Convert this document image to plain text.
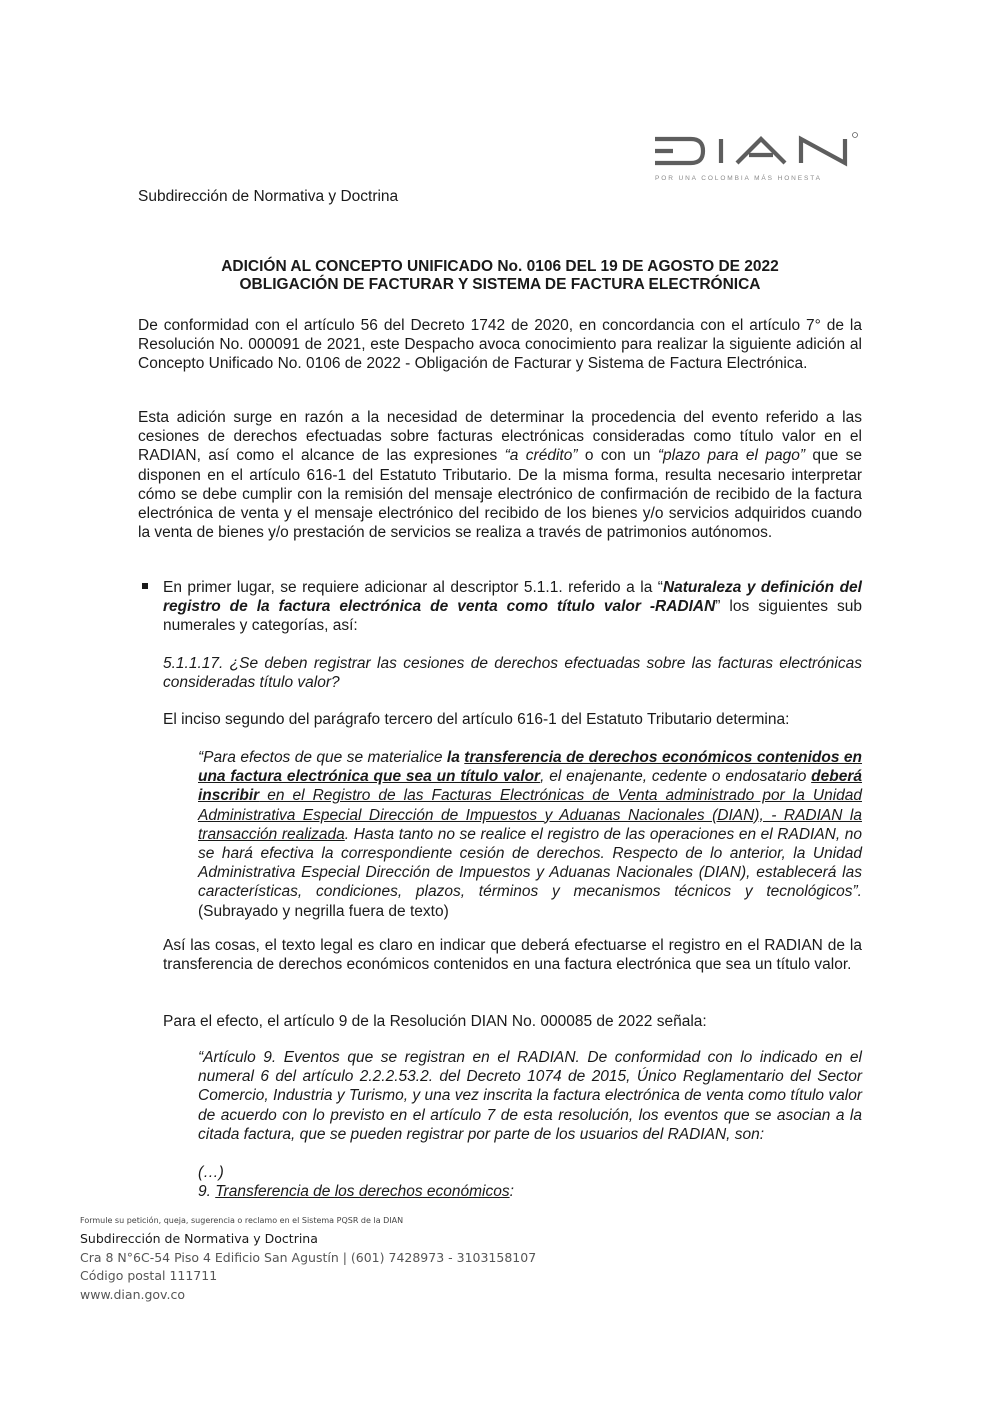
POR UNA COLOMBIA MÁS HONESTA
Subdirección de Normativa y Doctrina
ADICIÓN AL CONCEPTO UNIFICADO No. 0106 DEL 19 DE AGOSTO DE 2022
OBLIGACIÓN DE FACTURAR Y SISTEMA DE FACTURA ELECTRÓNICA

De conformidad con el artículo 56 del Decreto 1742 de 2020, en concordancia con el artículo 7° de la Resolución No. 000091 de 2021, este Despacho avoca conocimiento para realizar la siguiente adición al Concepto Unificado No. 0106 de 2022 - Obligación de Facturar y Sistema de Factura Electrónica.

Esta adición surge en razón a la necesidad de determinar la procedencia del evento referido a las cesiones de derechos efectuadas sobre facturas electrónicas consideradas como título valor en el RADIAN, así como el alcance de las expresiones “a crédito” o con un “plazo para el pago” que se disponen en el artículo 616-1 del Estatuto Tributario. De la misma forma, resulta necesario interpretar cómo se debe cumplir con la remisión del mensaje electrónico de confirmación de recibido de la factura electrónica de venta y el mensaje electrónico del recibido de los bienes y/o servicios adquiridos cuando la venta de bienes y/o prestación de servicios se realiza a través de patrimonios autónomos.

En primer lugar, se requiere adicionar al descriptor 5.1.1. referido a la “Naturaleza y definición del registro de la factura electrónica de venta como título valor -RADIAN” los siguientes sub numerales y categorías, así:

5.1.1.17. ¿Se deben registrar las cesiones de derechos efectuadas sobre las facturas electrónicas consideradas título valor?

El inciso segundo del parágrafo tercero del artículo 616-1 del Estatuto Tributario determina:

“Para efectos de que se materialice la transferencia de derechos económicos contenidos en una factura electrónica que sea un título valor, el enajenante, cedente o endosatario deberá inscribir en el Registro de las Facturas Electrónicas de Venta administrado por la Unidad Administrativa Especial Dirección de Impuestos y Aduanas Nacionales (DIAN), - RADIAN la transacción realizada. Hasta tanto no se realice el registro de las operaciones en el RADIAN, no se hará efectiva la correspondiente cesión de derechos. Respecto de lo anterior, la Unidad Administrativa Especial Dirección de Impuestos y Aduanas Nacionales (DIAN), establecerá las características, condiciones, plazos, términos y mecanismos técnicos y tecnológicos”. (Subrayado y negrilla fuera de texto)

Así las cosas, el texto legal es claro en indicar que deberá efectuarse el registro en el RADIAN de la transferencia de derechos económicos contenidos en una factura electrónica que sea un título valor.

Para el efecto, el artículo 9 de la Resolución DIAN No. 000085 de 2022 señala:

“Artículo 9. Eventos que se registran en el RADIAN. De conformidad con lo indicado en el numeral 6 del artículo 2.2.2.53.2. del Decreto 1074 de 2015, Único Reglamentario del Sector Comercio, Industria y Turismo, y una vez inscrita la factura electrónica de venta como título valor de acuerdo con lo previsto en el artículo 7 de esta resolución, los eventos que se asocian a la citada factura, que se pueden registrar por parte de los usuarios del RADIAN, son:

(…)

9. Transferencia de los derechos económicos:

Formule su petición, queja, sugerencia o reclamo en el Sistema PQSR de la DIAN
Subdirección de Normativa y Doctrina
Cra 8 N°6C-54 Piso 4 Edificio San Agustín | (601) 7428973 - 3103158107
Código postal 111711
www.dian.gov.co
